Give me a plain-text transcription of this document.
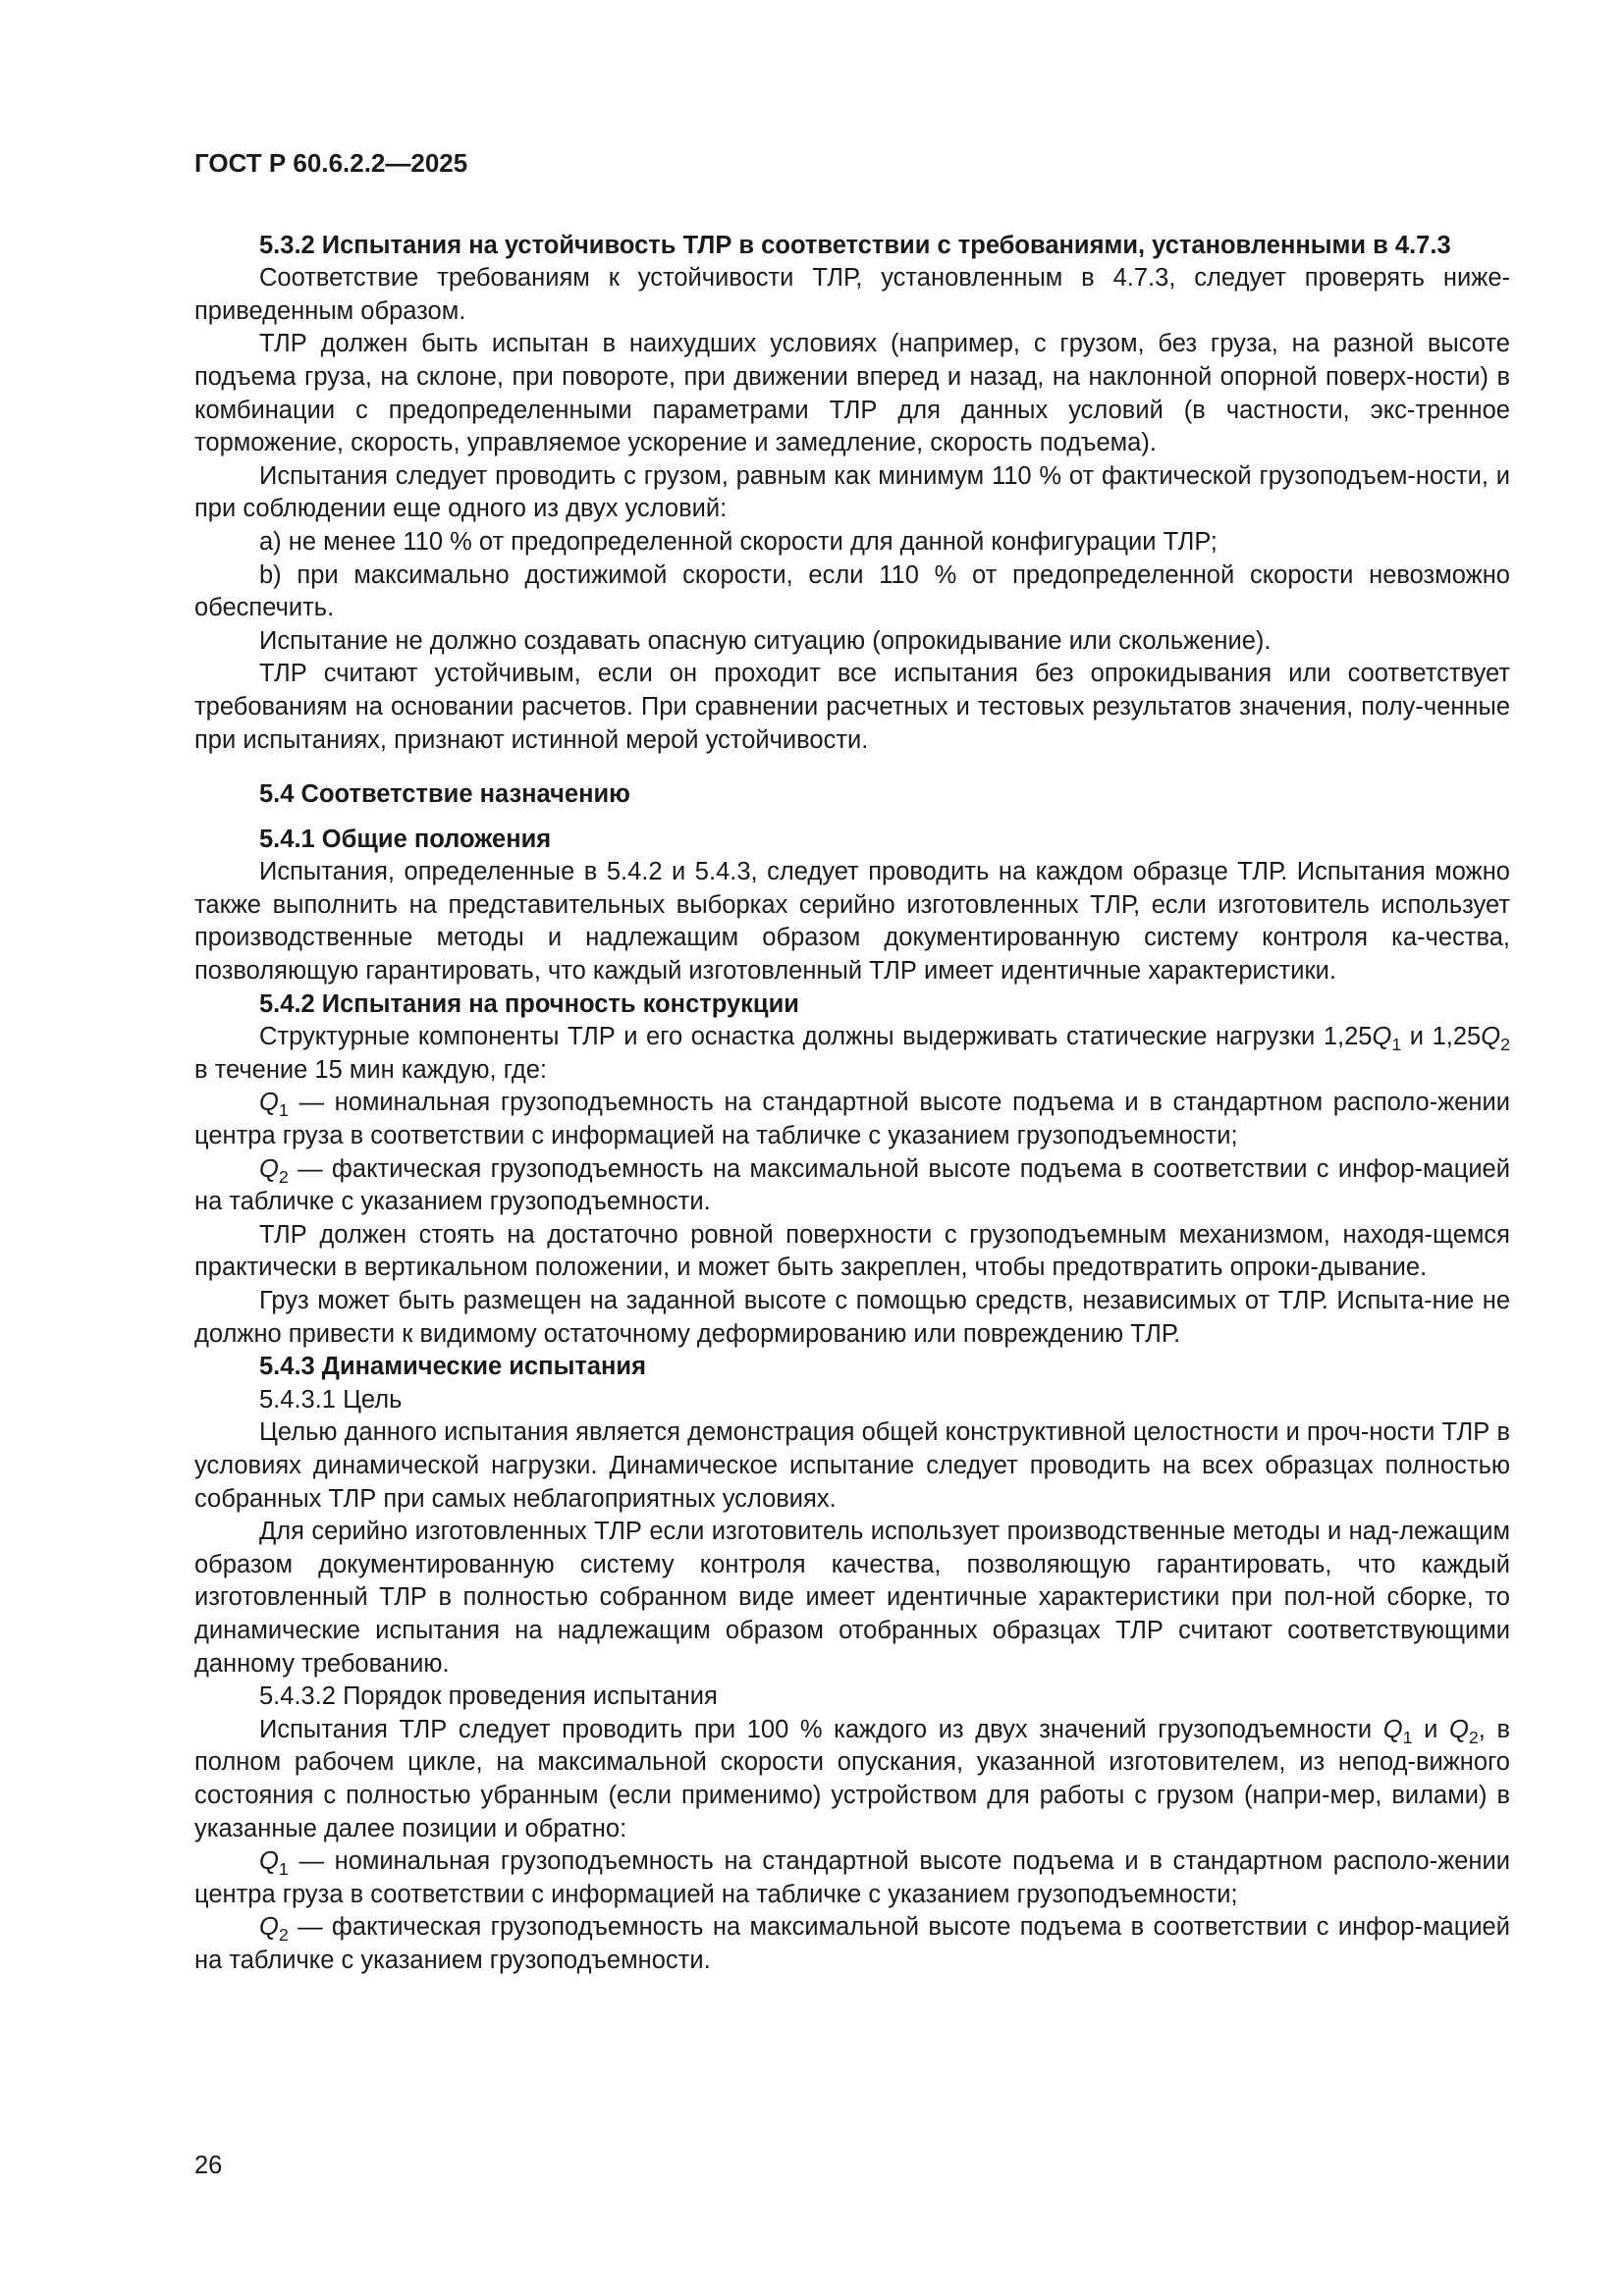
ГОСТ Р 60.6.2.2—2025

5.3.2 Испытания на устойчивость ТЛР в соответствии с требованиями, установленными в 4.7.3

Соответствие требованиям к устойчивости ТЛР, установленным в 4.7.3, следует проверять ниже-приведенным образом.

ТЛР должен быть испытан в наихудших условиях (например, с грузом, без груза, на разной высоте подъема груза, на склоне, при повороте, при движении вперед и назад, на наклонной опорной поверх-ности) в комбинации с предопределенными параметрами ТЛР для данных условий (в частности, экс-тренное торможение, скорость, управляемое ускорение и замедление, скорость подъема).

Испытания следует проводить с грузом, равным как минимум 110 % от фактической грузоподъем-ности, и при соблюдении еще одного из двух условий:

a) не менее 110 % от предопределенной скорости для данной конфигурации ТЛР;

b) при максимально достижимой скорости, если 110 % от предопределенной скорости невозможно обеспечить.

Испытание не должно создавать опасную ситуацию (опрокидывание или скольжение).

ТЛР считают устойчивым, если он проходит все испытания без опрокидывания или соответствует требованиям на основании расчетов. При сравнении расчетных и тестовых результатов значения, полу-ченные при испытаниях, признают истинной мерой устойчивости.

5.4 Соответствие назначению

5.4.1 Общие положения

Испытания, определенные в 5.4.2 и 5.4.3, следует проводить на каждом образце ТЛР. Испытания можно также выполнить на представительных выборках серийно изготовленных ТЛР, если изготовитель использует производственные методы и надлежащим образом документированную систему контроля ка-чества, позволяющую гарантировать, что каждый изготовленный ТЛР имеет идентичные характеристики.

5.4.2 Испытания на прочность конструкции

Структурные компоненты ТЛР и его оснастка должны выдерживать статические нагрузки $1,25Q_1$ и $1,25Q_2$ в течение 15 мин каждую, где:

$Q_1$ — номинальная грузоподъемность на стандартной высоте подъема и в стандартном располо-жении центра груза в соответствии с информацией на табличке с указанием грузоподъемности;

$Q_2$ — фактическая грузоподъемность на максимальной высоте подъема в соответствии с инфор-мацией на табличке с указанием грузоподъемности.

ТЛР должен стоять на достаточно ровной поверхности с грузоподъемным механизмом, находя-щемся практически в вертикальном положении, и может быть закреплен, чтобы предотвратить опроки-дывание.

Груз может быть размещен на заданной высоте с помощью средств, независимых от ТЛР. Испыта-ние не должно привести к видимому остаточному деформированию или повреждению ТЛР.

5.4.3 Динамические испытания

5.4.3.1 Цель

Целью данного испытания является демонстрация общей конструктивной целостности и проч-ности ТЛР в условиях динамической нагрузки. Динамическое испытание следует проводить на всех образцах полностью собранных ТЛР при самых неблагоприятных условиях.

Для серийно изготовленных ТЛР если изготовитель использует производственные методы и над-лежащим образом документированную систему контроля качества, позволяющую гарантировать, что каждый изготовленный ТЛР в полностью собранном виде имеет идентичные характеристики при пол-ной сборке, то динамические испытания на надлежащим образом отобранных образцах ТЛР считают соответствующими данному требованию.

5.4.3.2 Порядок проведения испытания

Испытания ТЛР следует проводить при 100 % каждого из двух значений грузоподъемности $Q_1$ и $Q_2$, в полном рабочем цикле, на максимальной скорости опускания, указанной изготовителем, из непод-вижного состояния с полностью убранным (если применимо) устройством для работы с грузом (напри-мер, вилами) в указанные далее позиции и обратно:

$Q_1$ — номинальная грузоподъемность на стандартной высоте подъема и в стандартном располо-жении центра груза в соответствии с информацией на табличке с указанием грузоподъемности;

$Q_2$ — фактическая грузоподъемность на максимальной высоте подъема в соответствии с инфор-мацией на табличке с указанием грузоподъемности.

26
